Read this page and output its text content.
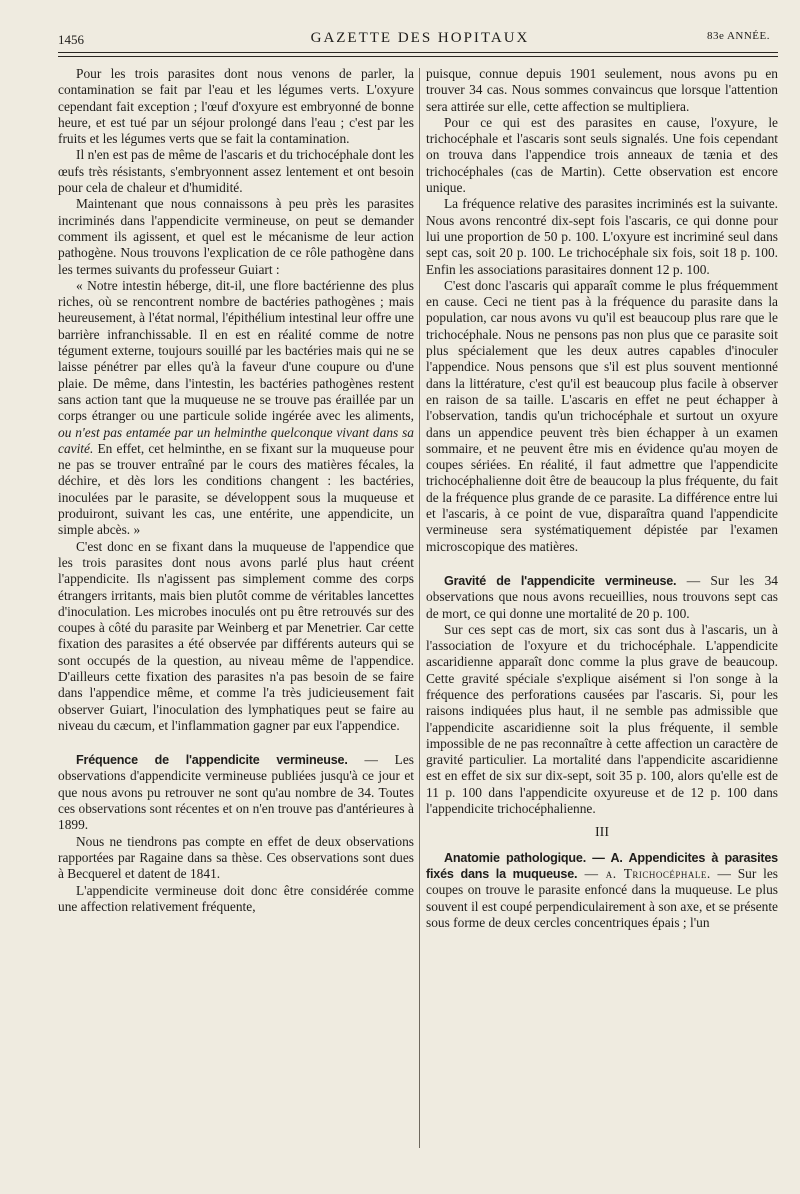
1456	GAZETTE DES HOPITAUX	83e ANNÉE.

Pour les trois parasites dont nous venons de parler, la contamination se fait par l'eau et les légumes verts. L'oxyure cependant fait exception ; l'œuf d'oxyure est embryonné de bonne heure, et est tué par un séjour prolongé dans l'eau ; c'est par les fruits et les légumes verts que se fait la contamination.

Il n'en est pas de même de l'ascaris et du trichocéphale dont les œufs très résistants, s'embryonnent assez lentement et ont besoin pour cela de chaleur et d'humidité.

Maintenant que nous connaissons à peu près les parasites incriminés dans l'appendicite vermineuse, on peut se demander comment ils agissent, et quel est le mécanisme de leur action pathogène. Nous trouvons l'explication de ce rôle pathogène dans les termes suivants du professeur Guiart :

« Notre intestin héberge, dit-il, une flore bactérienne des plus riches, où se rencontrent nombre de bactéries pathogènes ; mais heureusement, à l'état normal, l'épithélium intestinal leur offre une barrière infranchissable. Il en est en réalité comme de notre tégument externe, toujours souillé par les bactéries mais qui ne se laisse pénétrer par elles qu'à la faveur d'une coupure ou d'une plaie. De même, dans l'intestin, les bactéries pathogènes restent sans action tant que la muqueuse ne se trouve pas éraillée par un corps étranger ou une particule solide ingérée avec les aliments, ou n'est pas entamée par un helminthe quelconque vivant dans sa cavité. En effet, cet helminthe, en se fixant sur la muqueuse pour ne pas se trouver entraîné par le cours des matières fécales, la déchire, et dès lors les conditions changent : les bactéries, inoculées par le parasite, se développent sous la muqueuse et produiront, suivant les cas, une entérite, une appendicite, un simple abcès. »

C'est donc en se fixant dans la muqueuse de l'appendice que les trois parasites dont nous avons parlé plus haut créent l'appendicite. Ils n'agissent pas simplement comme des corps étrangers irritants, mais bien plutôt comme de véritables lancettes d'inoculation. Les microbes inoculés ont pu être retrouvés sur des coupes à côté du parasite par Weinberg et par Menetrier. Car cette fixation des parasites a été observée par différents auteurs qui se sont occupés de la question, au niveau même de l'appendice. D'ailleurs cette fixation des parasites n'a pas besoin de se faire dans l'appendice même, et comme l'a très judicieusement fait observer Guiart, l'inoculation des lymphatiques peut se faire au niveau du cæcum, et l'inflammation gagner par eux l'appendice.

Fréquence de l'appendicite vermineuse. — Les observations d'appendicite vermineuse publiées jusqu'à ce jour et que nous avons pu retrouver ne sont qu'au nombre de 34. Toutes ces observations sont récentes et on n'en trouve pas d'antérieures à 1899.

Nous ne tiendrons pas compte en effet de deux observations rapportées par Ragaine dans sa thèse. Ces observations sont dues à Becquerel et datent de 1841.

L'appendicite vermineuse doit donc être considérée comme une affection relativement fréquente,

puisque, connue depuis 1901 seulement, nous avons pu en trouver 34 cas. Nous sommes convaincus que lorsque l'attention sera attirée sur elle, cette affection se multipliera.

Pour ce qui est des parasites en cause, l'oxyure, le trichocéphale et l'ascaris sont seuls signalés. Une fois cependant on trouva dans l'appendice trois anneaux de tænia et des trichocéphales (cas de Martin). Cette observation est encore unique.

La fréquence relative des parasites incriminés est la suivante. Nous avons rencontré dix-sept fois l'ascaris, ce qui donne pour lui une proportion de 50 p. 100. L'oxyure est incriminé seul dans sept cas, soit 20 p. 100. Le trichocéphale six fois, soit 18 p. 100. Enfin les associations parasitaires donnent 12 p. 100.

C'est donc l'ascaris qui apparaît comme le plus fréquemment en cause. Ceci ne tient pas à la fréquence du parasite dans la population, car nous avons vu qu'il est beaucoup plus rare que le trichocéphale. Nous ne pensons pas non plus que ce parasite soit plus spécialement que les deux autres capables d'inoculer l'appendice. Nous pensons que s'il est plus souvent mentionné dans la littérature, c'est qu'il est beaucoup plus facile à observer en raison de sa taille. L'ascaris en effet ne peut échapper à l'observation, tandis qu'un trichocéphale et surtout un oxyure dans un appendice peuvent très bien échapper à un examen sommaire, et ne peuvent être mis en évidence qu'au moyen de coupes sériées. En réalité, il faut admettre que l'appendicite trichocéphalienne doit être de beaucoup la plus fréquente, du fait de la fréquence plus grande de ce parasite. La différence entre lui et l'ascaris, à ce point de vue, disparaîtra quand l'appendicite vermineuse sera systématiquement dépistée par l'examen microscopique des matières.

Gravité de l'appendicite vermineuse. — Sur les 34 observations que nous avons recueillies, nous trouvons sept cas de mort, ce qui donne une mortalité de 20 p. 100.

Sur ces sept cas de mort, six cas sont dus à l'ascaris, un à l'association de l'oxyure et du trichocéphale. L'appendicite ascaridienne apparaît donc comme la plus grave de beaucoup. Cette gravité spéciale s'explique aisément si l'on songe à la fréquence des perforations causées par l'ascaris. Si, pour les raisons indiquées plus haut, il ne semble pas admissible que l'appendicite ascaridienne soit la plus fréquente, il semble impossible de ne pas reconnaître à cette affection un caractère de gravité particulier. La mortalité dans l'appendicite ascaridienne est en effet de six sur dix-sept, soit 35 p. 100, alors qu'elle est de 11 p. 100 dans l'appendicite oxyureuse et de 12 p. 100 dans l'appendicite trichocéphalienne.

III

Anatomie pathologique. — A. Appendicites à parasites fixés dans la muqueuse. — a. Trichocéphale. — Sur les coupes on trouve le parasite enfoncé dans la muqueuse. Le plus souvent il est coupé perpendiculairement à son axe, et se présente sous forme de deux cercles concentriques épais ; l'un
